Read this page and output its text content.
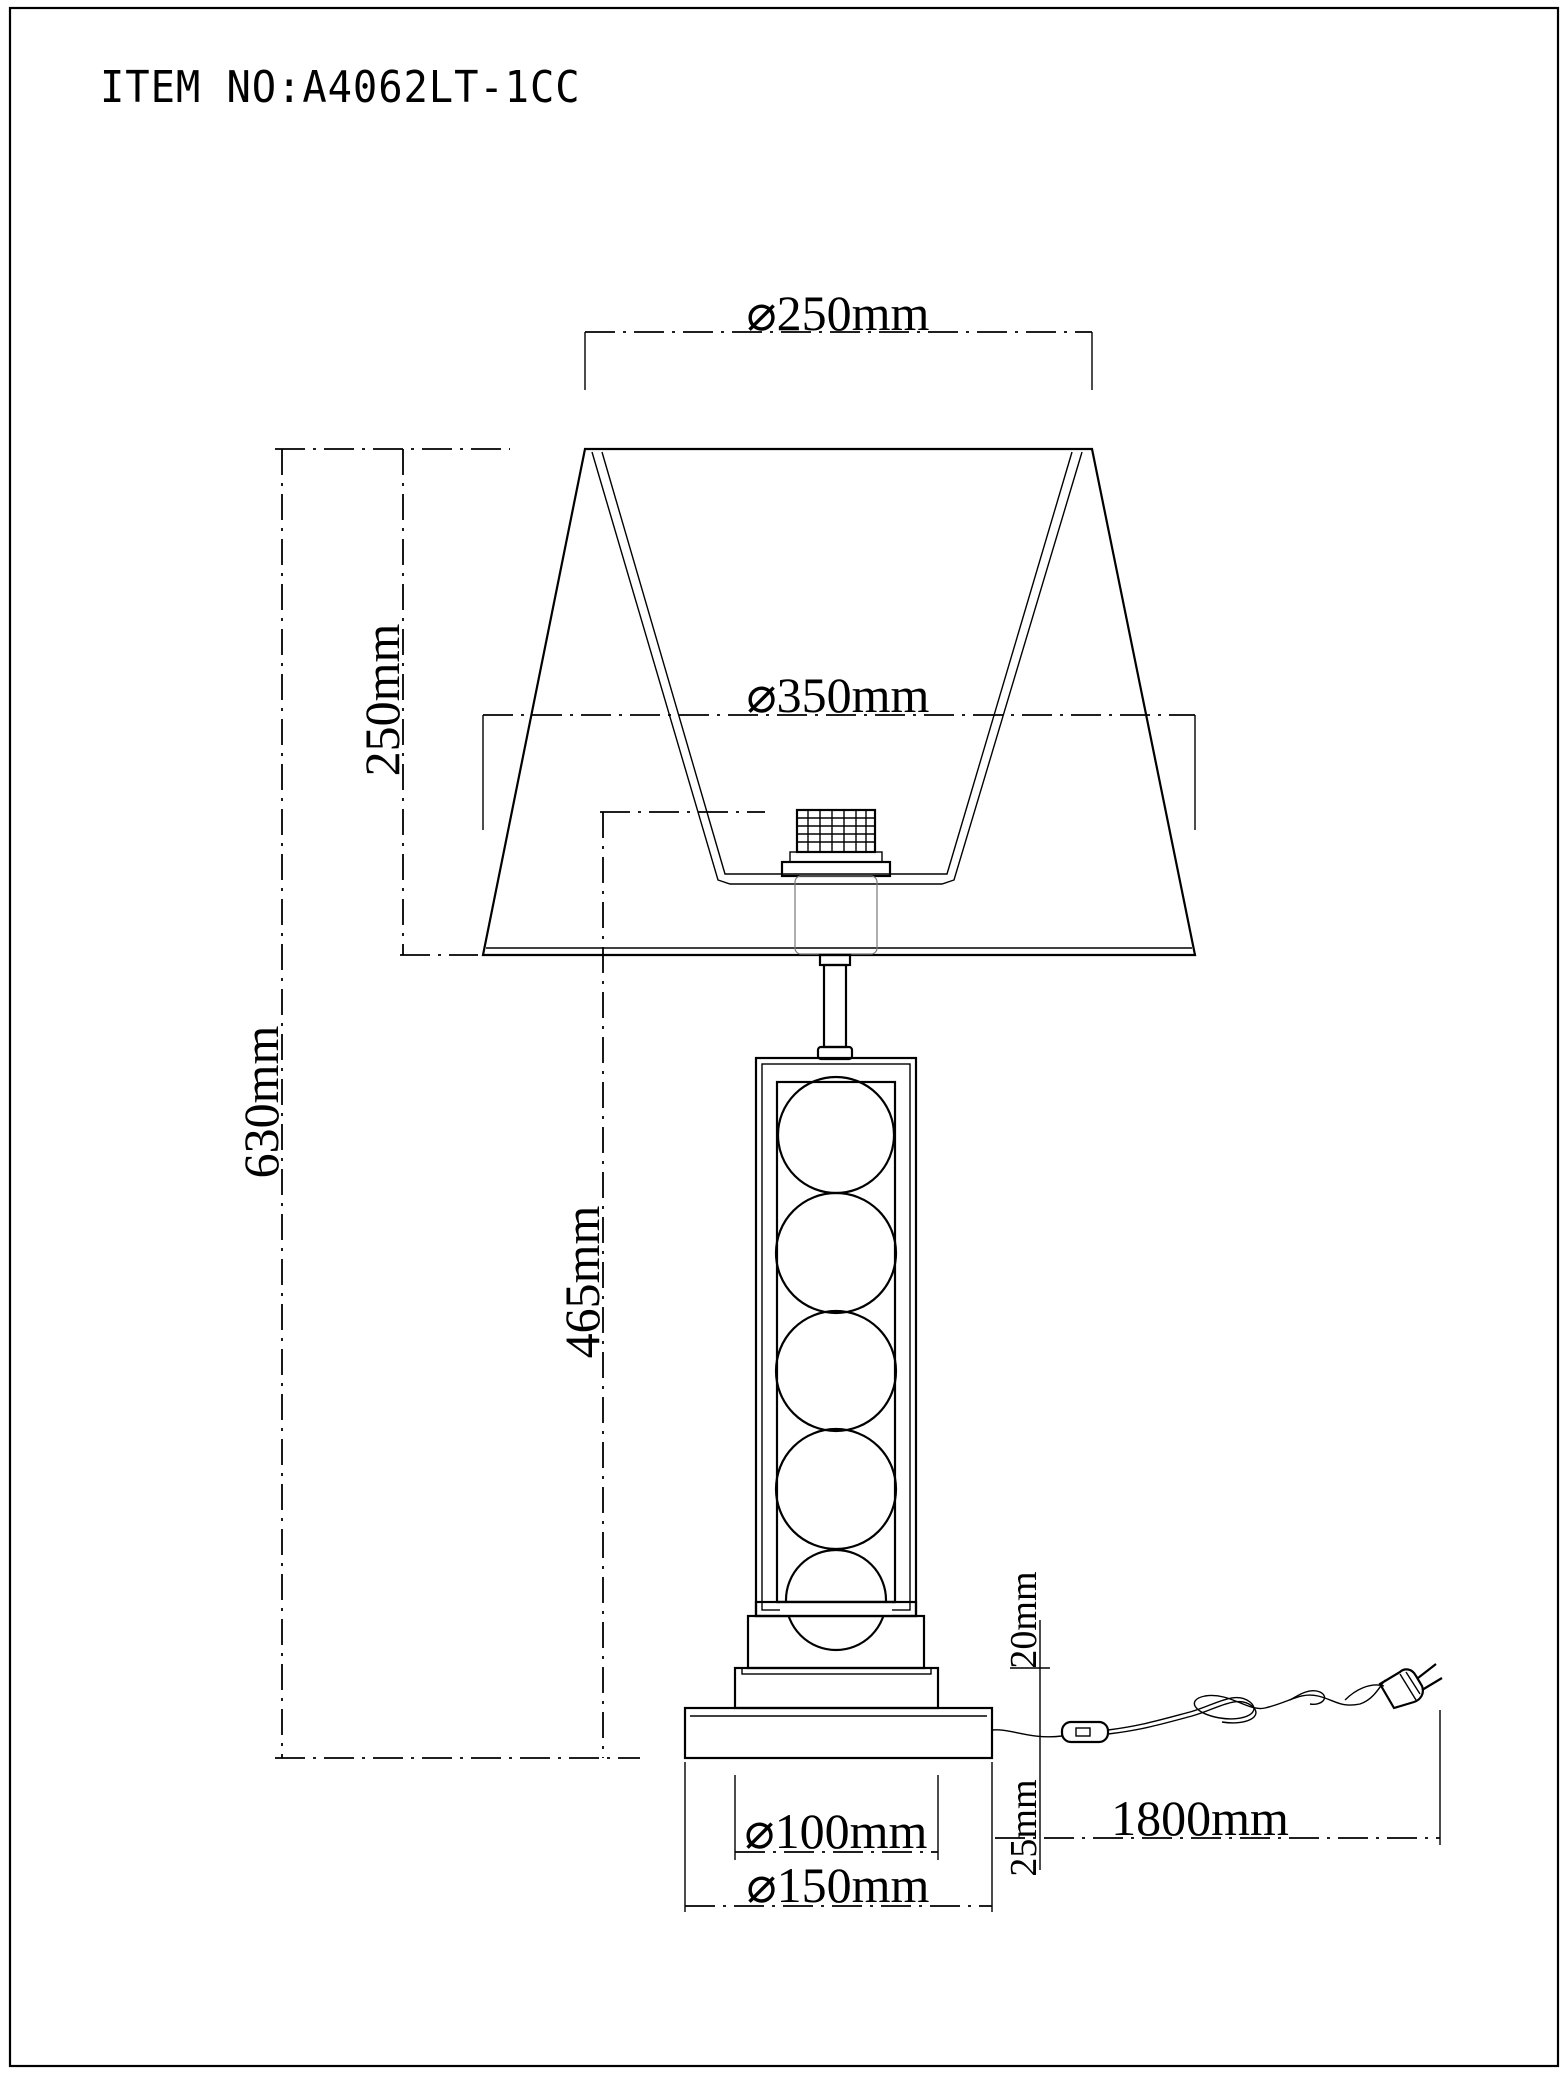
ITEM NO:A4062LT-1CC
⌀250mm
⌀350mm
630mm
250mm
465mm
20mm
25mm
⌀100mm
⌀150mm
1800mm
